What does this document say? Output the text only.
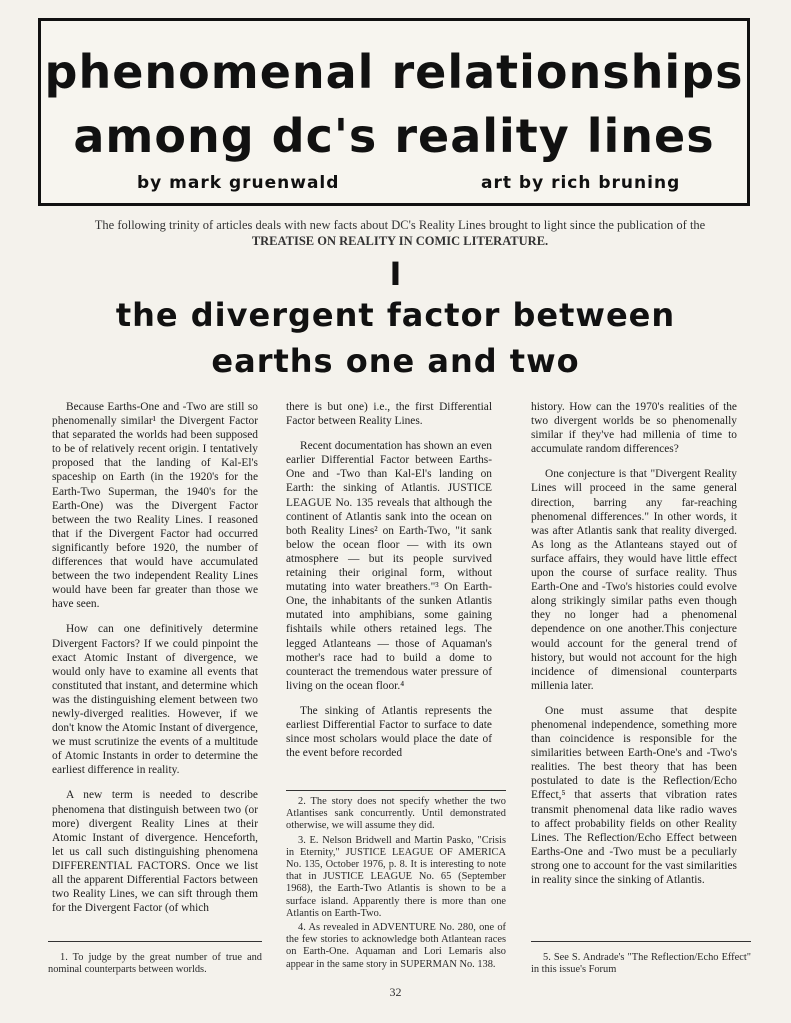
phenomenal relationships
among dc's reality lines
by mark gruenwald	art by rich bruning
The following trinity of articles deals with new facts about DC's Reality Lines brought to light since the publication of the
TREATISE ON REALITY IN COMIC LITERATURE.
I
the divergent factor between
earths one and two

Because Earths-One and -Two are still so phenomenally similar¹ the Divergent Factor that separated the worlds had been supposed to be of relatively recent origin. I tentatively proposed that the landing of Kal-El's spaceship on Earth (in the 1920's for the Earth-Two Superman, the 1940's for the Earth-One) was the Divergent Factor between the two Reality Lines. I reasoned that if the Divergent Factor had occurred significantly before 1920, the number of differences that would have accumulated between the two independent Reality Lines would have been far greater than those we have seen.

How can one definitively determine Divergent Factors? If we could pinpoint the exact Atomic Instant of divergence, we would only have to examine all events that constituted that instant, and determine which was the distinguishing element between two newly-diverged realities. However, if we don't know the Atomic Instant of divergence, we must scrutinize the events of a multitude of Atomic Instants in order to determine the earliest difference in reality.

A new term is needed to describe phenomena that distinguish between two (or more) divergent Reality Lines at their Atomic Instant of divergence. Henceforth, let us call such distinguishing phenomena DIFFERENTIAL FACTORS. Once we list all the apparent Differential Factors between two Reality Lines, we can sift through them for the Divergent Factor (of which

there is but one) i.e., the first Differential Factor between Reality Lines.

Recent documentation has shown an even earlier Differential Factor between Earths-One and -Two than Kal-El's landing on Earth: the sinking of Atlantis. JUSTICE LEAGUE No. 135 reveals that although the continent of Atlantis sank into the ocean on both Reality Lines² on Earth-Two, "it sank below the ocean floor — with its own atmosphere — but its people survived retaining their original form, without mutating into water breathers."³ On Earth-One, the inhabitants of the sunken Atlantis mutated into amphibians, some gaining fishtails while others retained legs. The legged Atlanteans — those of Aquaman's mother's race had to build a dome to counteract the tremendous water pressure of living on the ocean floor.⁴

The sinking of Atlantis represents the earliest Differential Factor to surface to date since most scholars would place the date of the event before recorded

history. How can the 1970's realities of the two divergent worlds be so phenomenally similar if they've had millenia of time to accumulate random differences?

One conjecture is that "Divergent Reality Lines will proceed in the same general direction, barring any far-reaching phenomenal differences." In other words, it was after Atlantis sank that reality diverged. As long as the Atlanteans stayed out of surface affairs, they would have little effect upon the course of surface reality. Thus Earth-One and -Two's histories could evolve along strikingly similar paths even though they no longer had a phenomenal dependence on one another.This conjecture would account for the general trend of history, but would not account for the high incidence of dimensional counterparts millenia later.

One must assume that despite phenomenal independence, something more than coincidence is responsible for the similarities between Earth-One's and -Two's realities. The best theory that has been postulated to date is the Reflection/Echo Effect,⁵ that asserts that vibration rates transmit phenomenal data like radio waves to affect probability fields on other Reality Lines. The Reflection/Echo Effect between Earths-One and -Two must be a peculiarly strong one to account for the vast similarities in reality since the sinking of Atlantis.

1. To judge by the great number of true and nominal counterparts between worlds.

2. The story does not specify whether the two Atlantises sank concurrently. Until demonstrated otherwise, we will assume they did.

3. E. Nelson Bridwell and Martin Pasko, "Crisis in Eternity," JUSTICE LEAGUE OF AMERICA No. 135, October 1976, p. 8. It is interesting to note that in JUSTICE LEAGUE No. 65 (September 1968), the Earth-Two Atlantis is shown to be a surface island. Apparently there is more than one Atlantis on Earth-Two.

4. As revealed in ADVENTURE No. 280, one of the few stories to acknowledge both Atlantean races on Earth-One. Aquaman and Lori Lemaris also appear in the same story in SUPERMAN No. 138.

5. See S. Andrade's "The Reflection/Echo Effect" in this issue's Forum

32
